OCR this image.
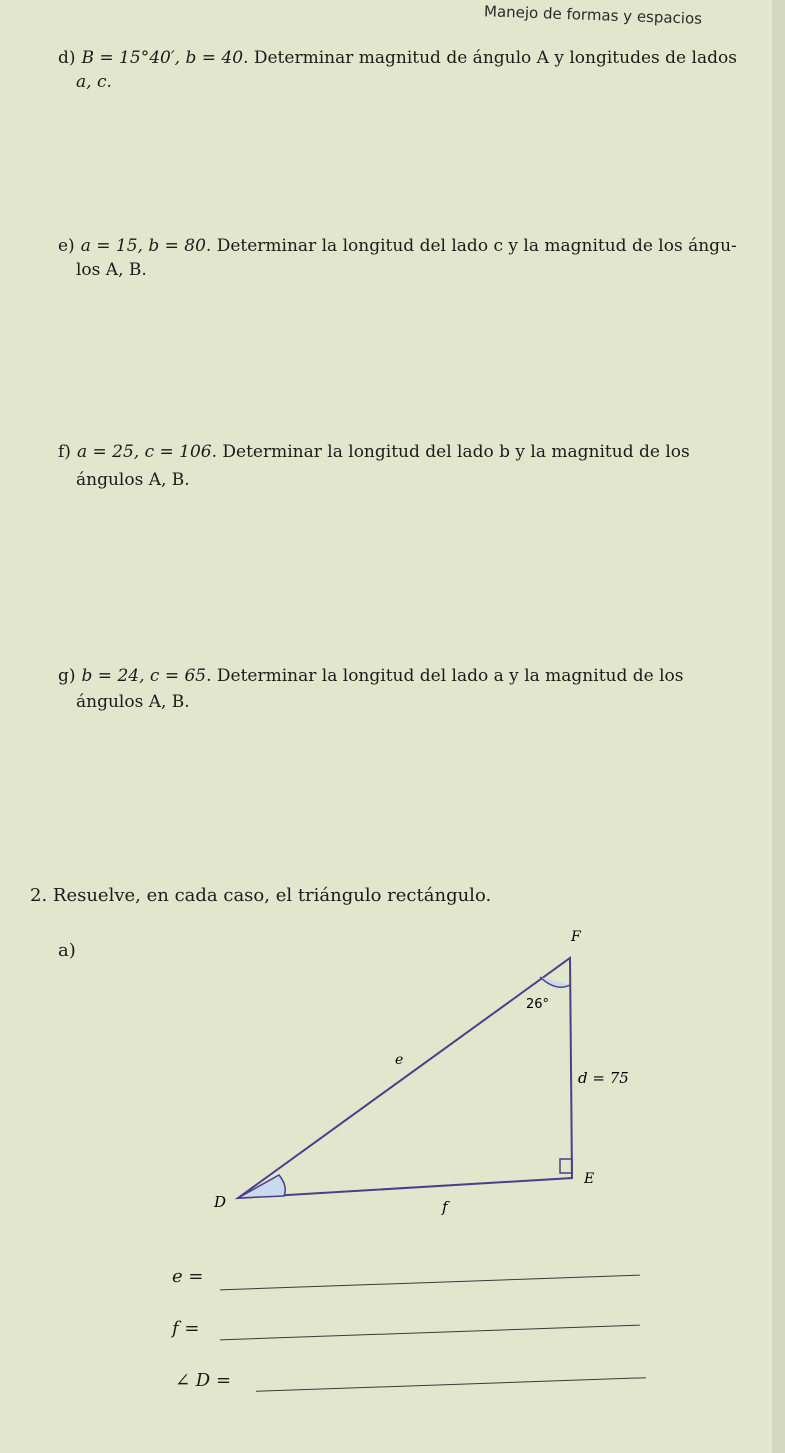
Manejo de formas y espacios
d) B = 15°40′, b = 40. Determinar magnitud de ángulo A y longitudes de lados
a, c.
e) a = 15, b = 80. Determinar la longitud del lado c y la magnitud de los ángu-
los A, B.
f) a = 25, c = 106. Determinar la longitud del lado b y la magnitud de los
ángulos A, B.
g) b = 24, c = 65. Determinar la longitud del lado a y la magnitud de los
ángulos A, B.
2. Resuelve, en cada caso, el triángulo rectángulo.
a)
F
D
E
26°
e
d = 75
f
e =
f =
∠ D =
